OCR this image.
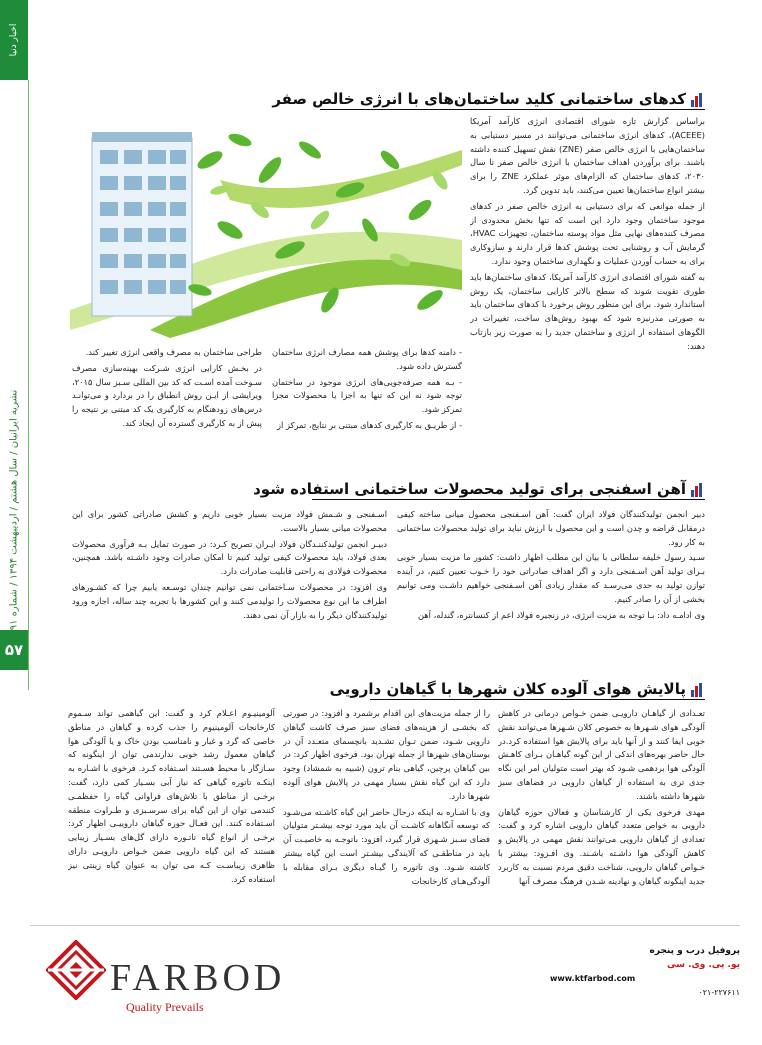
اخبار دنیا
نشریه ایرانیان / سال هشتم / اردیبهشت ۱۳۹۴ / شماره ۹۱
۵۷
کدهای ساختمانی کلید ساختمان‌های با انرژی خالص صفر

براساس گزارش تازه شورای اقتصادی انرژی کارآمد آمریکا (ACEEE)، کدهای انرژی ساختمانی می‌توانند در مسیر دستیابی به ساختمان‌هایی با انرژی خالص صفر (ZNE) نقش تسهیل کننده داشته باشند. برای برآوردن اهداف ساختمان با انرژی خالص صفر تا سال ۲۰۳۰، کدهای ساختمان که الزام‌های موثر عملکرد ZNE را برای بیشتر انواع ساختمان‌ها تعیین می‌کنند، باید تدوین گرد.

از جمله موانعی که برای دستیابی به انرژی خالص صفر در کدهای موجود ساختمان وجود دارد این است که تنها بخش محدودی از مصرف کننده‌های نهایی مثل مواد پوسته ساختمان، تجهیزات HVAC، گرمایش آب و روشنایی تحت پوشش کدها قرار دارند و سازوکاری برای به حساب آوردن عملیات و نگهداری ساختمان وجود ندارد.

به گفته شورای اقتصادی انرژی کارآمد آمریکا، کدهای ساختمان‌ها باید طوری تقویت شوند که سطح بالاتر کارایی ساختمان، یک روش استاندارد شود. برای این منظور روش برخورد با کدهای ساختمان باید به صورتی مدرنیزه شود که بهبود روش‌های ساخت، تغییرات در الگوهای استفاده از انرژی و ساختمان جدید را به صورت زیر بازتاب دهند:

- دامنه کدها برای پوشش همه مصارف انرژی ساختمان گسترش داده شود.

- بـه همه صرفه‌جویی‌های انرژی موجود در ساختمان توجه شود نه این که تنها به اجزا یا محصولات مجزا تمرکز شود.

- از طریـق به کارگیری کدهای مبتنی بر نتایج، تمرکز از

طراحی ساختمان به مصرف واقعی انرژی تغییر کند.

در بخـش کارایی انرژی شـرکت بهینه‌سازی مصرف سـوخت آمده اسـت که کد بین المللی سـبز سال ۲۰۱۵، ویرایشی از ایـن روش انطباق را در بردارد و می‌توانـد درس‌های زودهنگام به کارگیری یک کد مبتنی بر نتیجه را پیش از به کارگیری گسترده آن ایجاد کند.

آهن اسفنجی برای تولید محصولات ساختمانی استفاده شود

دبیر انجمن تولیدکنندگان فولاد ایران گفت: آهن اسـفنجی محصول میانی ساخته کیفی درمقابل قراضه و چدن است و این محصول با ارزش نباید برای تولید محصولات ساختمانی به کار رود.

سـید رسول خلیفه سلطانی با بیان این مطلب اظهار داشت: کشور ما مزیت بسیار خوبی بـرای تولید آهن اسـفنجی دارد و اگر اهداف صادراتی خود را خـوب تعیین کنیم، در آینده توازن تولید به حدی می‌رسـد که مقدار زیادی آهن اسـفنجی خواهیم داشـت ومی توانیم بخشی از آن را صادر کنیم.

وی ادامـه داد: بـا توجه به مزیت انرژی، در زنجیره فولاد اعم از کنسانتره، گندله، آهن

اسـفنجی و شـمش فولاد مزیت بسیار خوبی داریم و کشش صادراتی کشور برای این محصولات میانی بسیار بالاست.

دبیـر انجمن تولیدکننـدگان فولاد ایـران تصریح کـرد: در صورت تمایل بـه فرآوری محصولات بعدی فولاد، باید محصولات کیفی تولید کنیم تا امکان صادرات وجود داشـته باشد. همچنین، محصولات فولادی به راحتی قابلیت صادرات دارد.

وی افزود: در محصولات سـاختمانی نمی توانیم چندان توسـعه یابیم چرا که کشـورهای اطراف ما این نوع محصولات را تولیدمی کنند و این کشورها با تجربه چند ساله، اجازه ورود تولیدکنندگان دیگر را به بازار آن نمی دهند.

پالایش هوای آلوده کلان شهرها با گیاهان دارویی

تعـدادی از گیاهـان دارویـی ضمن خـواص درمانی در کاهش آلودگی هوای شـهرها به خصوص کلان شـهرها می‌توانند نقش خوبی ایفا کنند و از آنها باید برای پالایش هوا استفاده کرد.در حال حاضر بهره‌های اندکی از این گونه گیاهـان بـرای کاهـش آلودگی هوا بردهمی شـود که بهتر است متولیان امر این نگاه جدی تری به استفاده از گیاهان دارویی در فضاهای سبز شهرها داشته باشند.

مهدی فرخوی یکی از کارشناسان و فعالان حوزه گیاهان دارویی به خواص متعدد گیاهان دارویی اشاره کرد و گفت: تعدادی از گیاهان دارویی می‌توانند نقش مهمی در پالایش و کاهش آلودگی هوا داشـته باشـند. وی افـزود: بیشتر با خـواص گیاهان دارویی، شناخت دقیق مردم نسبت به کاربرد جدید اینگونه گیاهان و نهادینه شـدن فرهنگ مصرف آنها

را از جمله مزیت‌های این اقدام برشمرد و افزود: در صورتی که بخشـی از هزینه‌های فضای سبز صرف کاشت گیاهان دارویی شـود، ضمن تـوان تشـدید بانچسمای متعـدد آن در بوستان‌های شهرها از جمله تهران بود. فرخوی اظهار کرد: در بین گیاهان پرچین، گیاهی بنام ترون (شبیه به شمشاد) وجود دارد که این گیاه نقش بسیار مهمی در پالایش هوای آلوده شهرها دارد.

وی با اشـاره به اینکه درحال حاضر این گیاه کاشـته می‌شـود که توسعه آنگاهانه کاشـت آن باید مورد توجه بیشـتر متولیان فضای سـبز شـهری قرار گیرد، افزود: باتوجـه به خاصیـت آن باید در مناطقـی که آلایندگی بیشـتر است این گیاه بیشتر کاشته شـود. وی تاتوره را گیـاه دیگری بـرای مقابله با آلودگی‌هـای کارخانجات

آلومینیـوم اعـلام کرد و گفت: این گیاهمی تواند سـموم کارخانجات آلومینیوم را جذب کرده و گیاهان در مناطق خاصی که گرد و غبار و نامناسب بودن خاک و یا آلودگی هوا گیاهان معمول رشد خوبی ندارندمی توان از اینگونه که سـازگار با محیط هسـتند اسـتفاده کـرد. فرخوی با اشـاره به اینکـه تاتوره گیاهی که نیاز آبی بسـیار کمی دارد، گفت: برخـی از مناطق با تلاش‌های فراوانی گیاه را حفظمـی کنندمی توان از این گیاه برای سرسـبزی و طـراوت منطقه اسـتفاده کنند. این فعـال حوزه گیاهان داروییـی اظهار کرد: برخـی از انواع گیاه تاتـوره دارای گل‌های بسـیار زیبایی هستند که این گیاه دارویی ضمن خـواص دارویـی دارای ظاهری زیباسـت کـه می توان به عنوان گیاه زینتی نیز استفاده کرد.

FARBOD
Quality Prevails
پروفیل درب و پنجره
یو. پی. وی. سی
www.ktfarbod.com
۰۲۱-۲۲۷۶۱۱
